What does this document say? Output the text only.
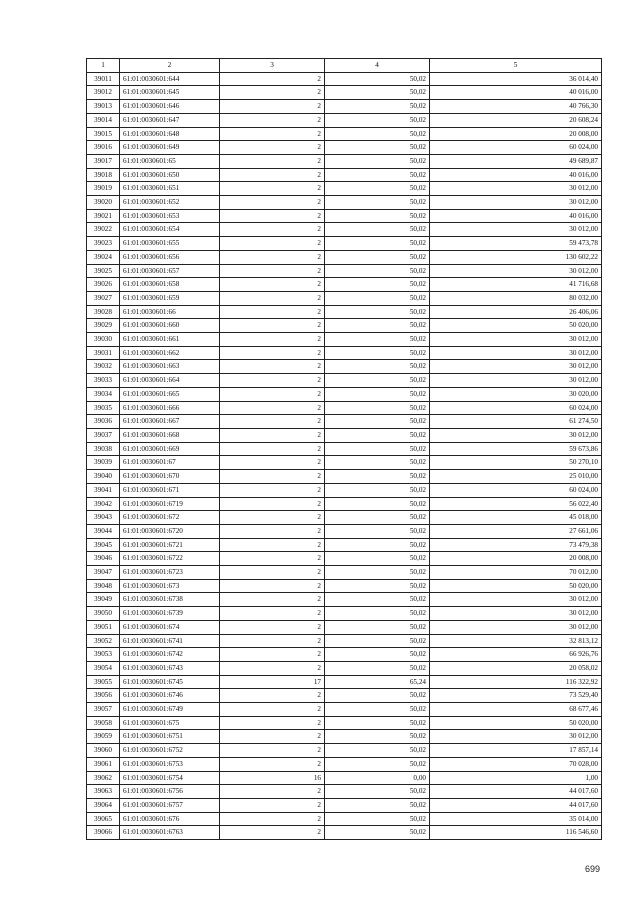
1	2	3	4	5
39011	61:01:0030601:644	2	50,02	36 014,40
39012	61:01:0030601:645	2	50,02	40 016,00
39013	61:01:0030601:646	2	50,02	40 766,30
39014	61:01:0030601:647	2	50,02	20 608,24
39015	61:01:0030601:648	2	50,02	20 008,00
39016	61:01:0030601:649	2	50,02	60 024,00
39017	61:01:0030601:65	2	50,02	49 689,87
39018	61:01:0030601:650	2	50,02	40 016,00
39019	61:01:0030601:651	2	50,02	30 012,00
39020	61:01:0030601:652	2	50,02	30 012,00
39021	61:01:0030601:653	2	50,02	40 016,00
39022	61:01:0030601:654	2	50,02	30 012,00
39023	61:01:0030601:655	2	50,02	59 473,78
39024	61:01:0030601:656	2	50,02	130 602,22
39025	61:01:0030601:657	2	50,02	30 012,00
39026	61:01:0030601:658	2	50,02	41 716,68
39027	61:01:0030601:659	2	50,02	80 032,00
39028	61:01:0030601:66	2	50,02	26 406,06
39029	61:01:0030601:660	2	50,02	50 020,00
39030	61:01:0030601:661	2	50,02	30 012,00
39031	61:01:0030601:662	2	50,02	30 012,00
39032	61:01:0030601:663	2	50,02	30 012,00
39033	61:01:0030601:664	2	50,02	30 012,00
39034	61:01:0030601:665	2	50,02	30 020,00
39035	61:01:0030601:666	2	50,02	60 024,00
39036	61:01:0030601:667	2	50,02	61 274,50
39037	61:01:0030601:668	2	50,02	30 012,00
39038	61:01:0030601:669	2	50,02	59 673,86
39039	61:01:0030601:67	2	50,02	50 270,10
39040	61:01:0030601:670	2	50,02	25 010,00
39041	61:01:0030601:671	2	50,02	60 024,00
39042	61:01:0030601:6719	2	50,02	56 022,40
39043	61:01:0030601:672	2	50,02	45 018,00
39044	61:01:0030601:6720	2	50,02	27 661,06
39045	61:01:0030601:6721	2	50,02	73 479,38
39046	61:01:0030601:6722	2	50,02	20 008,00
39047	61:01:0030601:6723	2	50,02	70 012,00
39048	61:01:0030601:673	2	50,02	50 020,00
39049	61:01:0030601:6738	2	50,02	30 012,00
39050	61:01:0030601:6739	2	50,02	30 012,00
39051	61:01:0030601:674	2	50,02	30 012,00
39052	61:01:0030601:6741	2	50,02	32 813,12
39053	61:01:0030601:6742	2	50,02	66 926,76
39054	61:01:0030601:6743	2	50,02	20 058,02
39055	61:01:0030601:6745	17	65,24	116 322,92
39056	61:01:0030601:6746	2	50,02	73 529,40
39057	61:01:0030601:6749	2	50,02	68 677,46
39058	61:01:0030601:675	2	50,02	50 020,00
39059	61:01:0030601:6751	2	50,02	30 012,00
39060	61:01:0030601:6752	2	50,02	17 857,14
39061	61:01:0030601:6753	2	50,02	70 028,00
39062	61:01:0030601:6754	16	0,00	1,00
39063	61:01:0030601:6756	2	50,02	44 017,60
39064	61:01:0030601:6757	2	50,02	44 017,60
39065	61:01:0030601:676	2	50,02	35 014,00
39066	61:01:0030601:6763	2	50,02	116 546,60
699
